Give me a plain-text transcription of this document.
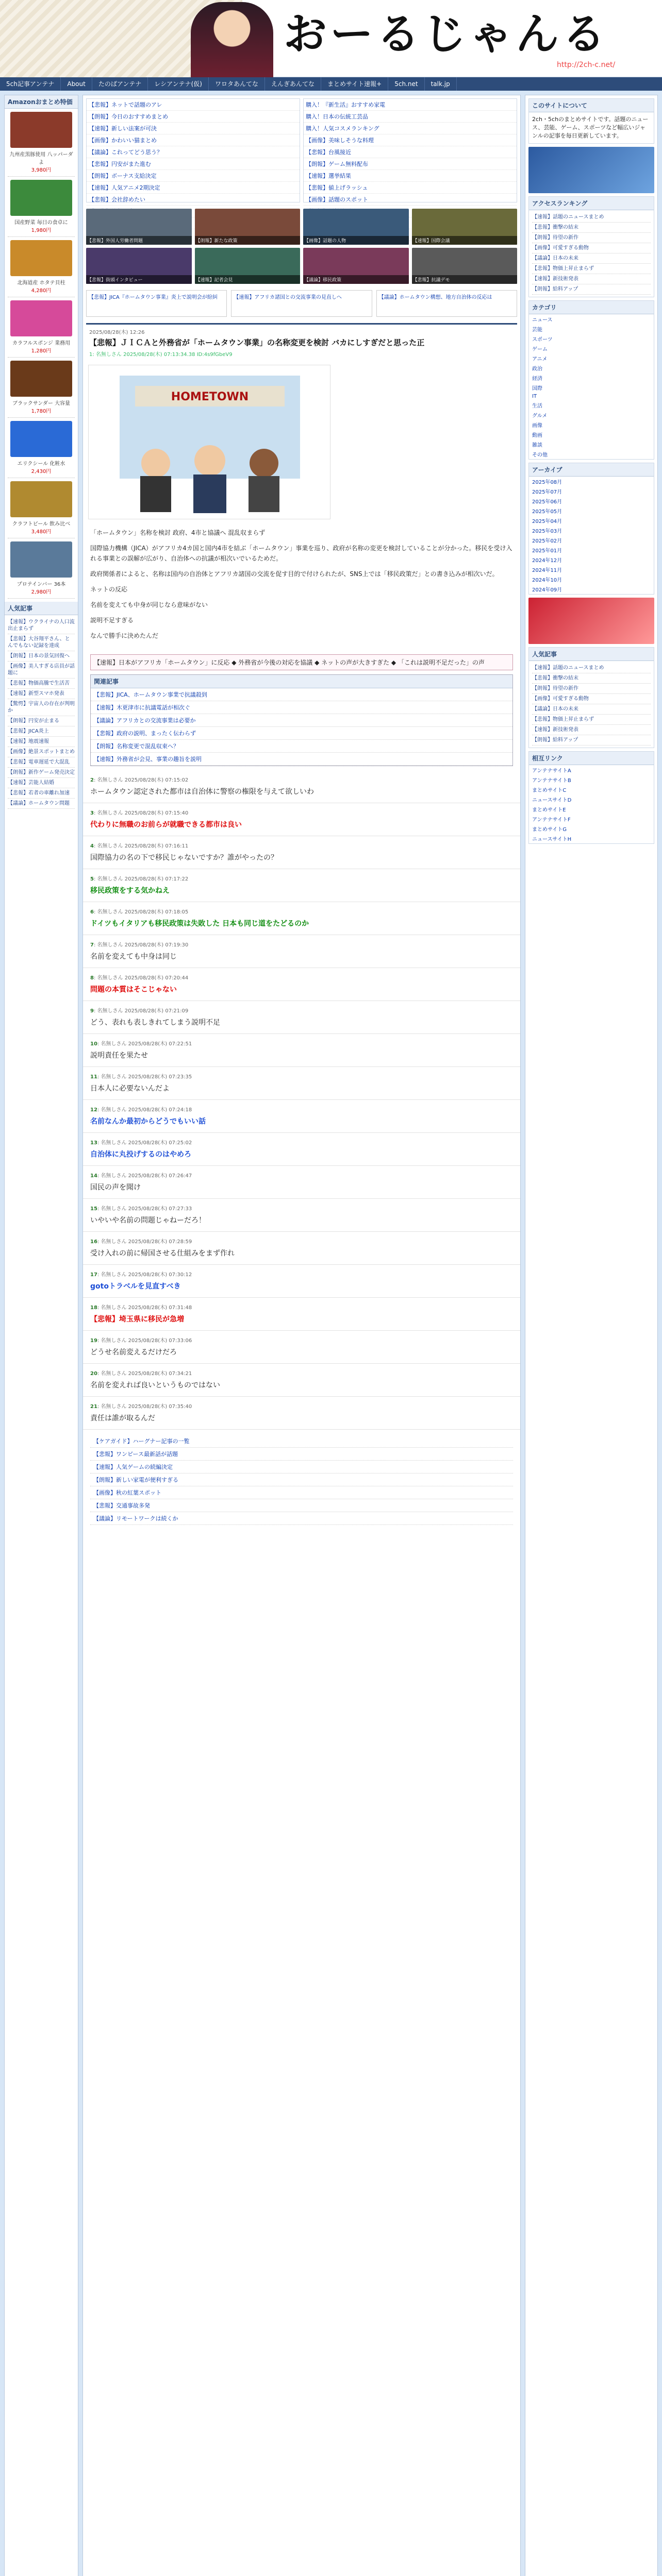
おーるじゃんる
http://2ch-c.net/
5ch記事アンテナ	About	たのばアンテナ	レシアンテナ(仮)	ワロタあんてな	えんぎあんてな	まとめサイト速報+	5ch.net	talk.jp
Amazonおまとめ特価
九州産黒豚使用 八ッパーダよ
3,980円
国産野菜 毎日の食卓に
1,980円
北海道産 ホタテ貝柱
4,280円
カラフルスポンジ 業務用
1,280円
ブラックサンダー 大容量
1,780円
エリクシール 化粧水
2,430円
クラフトビール 飲み比べ
3,480円
プロテインバー 36本
2,980円
人気記事
【速報】ウクライナの人口流出止まらず
【悲報】大谷翔平さん、とんでもない記録を達成
【朗報】日本の景気回復へ
【画像】美人すぎる店員が話題に
【悲報】物価高騰で生活苦
【速報】新型スマホ発表
【驚愕】宇宙人の存在が判明か
【朗報】円安が止まる
【悲報】JICA炎上
【速報】地震速報
【画像】絶景スポットまとめ
【悲報】電車遅延で大混乱
【朗報】新作ゲーム発売決定
【速報】芸能人結婚
【悲報】若者の車離れ加速
【議論】ホームタウン問題
【悲報】ネットで話題のアレ
【朗報】今日のおすすめまとめ
【速報】新しい法案が可決
【画像】かわいい猫まとめ
【議論】これってどう思う？
【悲報】円安がまた進む
【朗報】ボーナス支給決定
【速報】人気アニメ2期決定
【悲報】会社辞めたい
購入！『新生活』おすすめ家電
購入！日本の伝統工芸品
購入！人気コスメランキング
【画像】美味しそうな料理
【悲報】台風接近
【朗報】ゲーム無料配布
【速報】選挙結果
【悲報】値上げラッシュ
【画像】話題のスポット
【悲報】外国人労働者問題	【朗報】新たな政策	【画像】話題の人物	【速報】国際会議
【悲報】街頭インタビュー	【速報】記者会見	【議論】移民政策	【悲報】抗議デモ
【悲報】JICA『ホームタウン事業』炎上で説明会が紛糾	【速報】アフリカ諸国との交流事業の見直しへ	【議論】ホームタウン構想、地方自治体の反応は
2025/08/28(木) 12:26
【悲報】ＪＩＣＡと外務省が「ホームタウン事業」の名称変更を検討 バカにしすぎだと思った正
1: 名無しさん 2025/08/28(木) 07:13:34.38 ID:4s9fGbeV9
HOMETOWN

「ホームタウン」名称を検討 政府、4市と協議へ 混乱収まらず

国際協力機構（JICA）がアフリカ4カ国と国内4市を結ぶ「ホームタウン」事業を巡り、政府が名称の変更を検討していることが分かった。移民を受け入れる事業との誤解が広がり、自治体への抗議が相次いでいるためだ。

政府関係者によると、名称は国内の自治体とアフリカ諸国の交流を促す目的で付けられたが、SNS上では「移民政策だ」との書き込みが相次いだ。

ネットの反応

名前を変えても中身が同じなら意味がない

説明不足すぎる

なんで勝手に決めたんだ

【速報】日本がアフリカ「ホームタウン」に反応 ◆ 外務省が今後の対応を協議 ◆ ネットの声が大きすぎた ◆ 「これは説明不足だった」の声
関連記事
【悲報】JICA、ホームタウン事業で抗議殺到
【速報】木更津市に抗議電話が相次ぐ
【議論】アフリカとの交流事業は必要か
【悲報】政府の説明、まったく伝わらず
【朗報】名称変更で混乱収束へ？
【速報】外務省が会見、事業の趣旨を説明
2: 名無しさん 2025/08/28(木) 07:15:02
ホームタウン認定された都市は自治体に警察の権限を与えて欲しいわ
3: 名無しさん 2025/08/28(木) 07:15:40
代わりに無職のお前らが就職できる都市は良い
4: 名無しさん 2025/08/28(木) 07:16:11
国際協力の名の下で移民じゃないですか？誰がやったの？
5: 名無しさん 2025/08/28(木) 07:17:22
移民政策をする気かねえ
6: 名無しさん 2025/08/28(木) 07:18:05
ドイツもイタリアも移民政策は失敗した 日本も同じ道をたどるのか
7: 名無しさん 2025/08/28(木) 07:19:30
名前を変えても中身は同じ
8: 名無しさん 2025/08/28(木) 07:20:44
問題の本質はそこじゃない
9: 名無しさん 2025/08/28(木) 07:21:09
どう、表れも表しきれてしまう説明不足
10: 名無しさん 2025/08/28(木) 07:22:51
説明責任を果たせ
11: 名無しさん 2025/08/28(木) 07:23:35
日本人に必要ないんだよ
12: 名無しさん 2025/08/28(木) 07:24:18
名前なんか最初からどうでもいい話
13: 名無しさん 2025/08/28(木) 07:25:02
自治体に丸投げするのはやめろ
14: 名無しさん 2025/08/28(木) 07:26:47
国民の声を聞け
15: 名無しさん 2025/08/28(木) 07:27:33
いやいや名前の問題じゃねーだろ！
16: 名無しさん 2025/08/28(木) 07:28:59
受け入れの前に帰国させる仕組みをまず作れ
17: 名無しさん 2025/08/28(木) 07:30:12
gotoトラベルを見直すべき
18: 名無しさん 2025/08/28(木) 07:31:48
【悲報】埼玉県に移民が急増
19: 名無しさん 2025/08/28(木) 07:33:06
どうせ名前変えるだけだろ
20: 名無しさん 2025/08/28(木) 07:34:21
名前を変えれば良いというものではない
21: 名無しさん 2025/08/28(木) 07:35:40
責任は誰が取るんだ
【ケアガイド】ハーグナー記事の一覧
【悲報】ワンピース最新話が話題
【速報】人気ゲームの続編決定
【朗報】新しい家電が便利すぎる
【画像】秋の紅葉スポット
【悲報】交通事故多発
【議論】リモートワークは続くか
このサイトについて
2ch・5chのまとめサイトです。話題のニュース、芸能、ゲーム、スポーツなど幅広いジャンルの記事を毎日更新しています。
アクセスランキング
【速報】話題のニュースまとめ
【悲報】衝撃の結末
【朗報】待望の新作
【画像】可愛すぎる動物
【議論】日本の未来
【悲報】物価上昇止まらず
【速報】新技術発表
【朗報】給料アップ
カテゴリ
ニュース
芸能
スポーツ
ゲーム
アニメ
政治
経済
国際
IT
生活
グルメ
画像
動画
雑談
その他
アーカイブ
2025年08月
2025年07月
2025年06月
2025年05月
2025年04月
2025年03月
2025年02月
2025年01月
2024年12月
2024年11月
2024年10月
2024年09月
人気記事
【速報】話題のニュースまとめ
【悲報】衝撃の結末
【朗報】待望の新作
【画像】可愛すぎる動物
【議論】日本の未来
【悲報】物価上昇止まらず
【速報】新技術発表
【朗報】給料アップ
相互リンク
アンテナサイトA
アンテナサイトB
まとめサイトC
ニュースサイトD
まとめサイトE
アンテナサイトF
まとめサイトG
ニュースサイトH
